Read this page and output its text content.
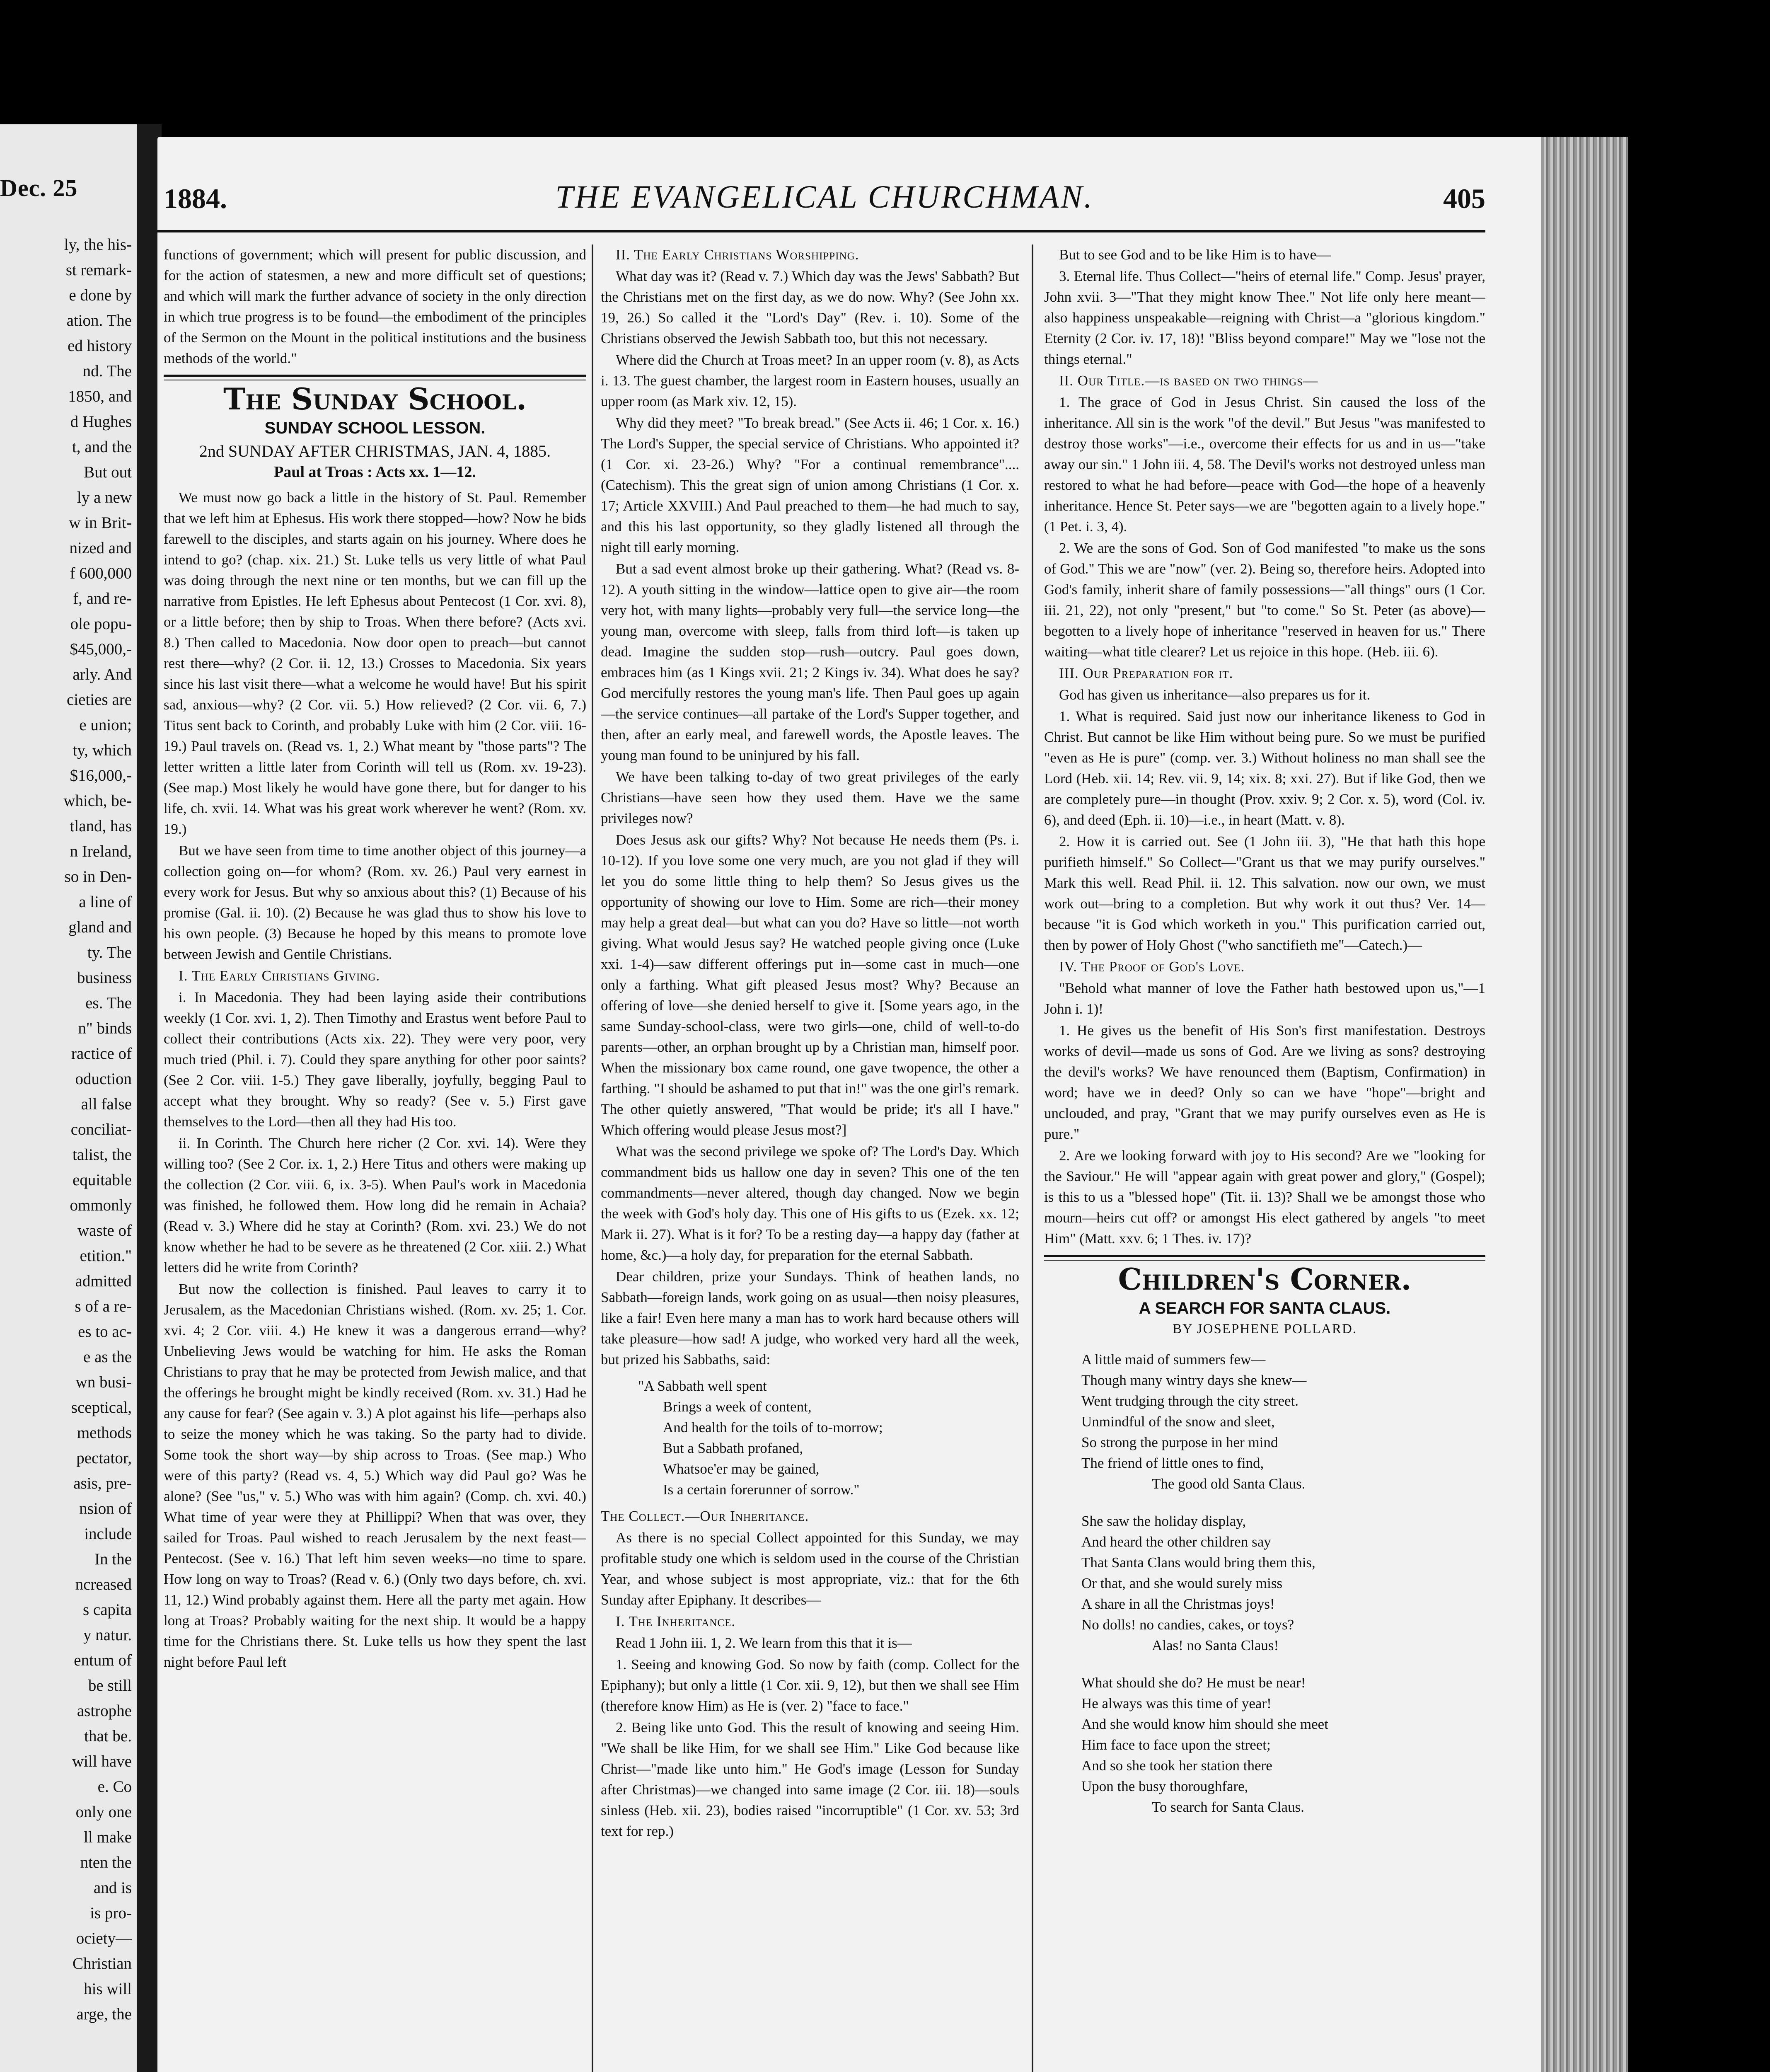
Dec. 25
ly, the his-
st remark-
e done by
ation. The
ed history
nd. The
1850, and
d Hughes
t, and the
But out
ly a new
w in Brit-
nized and
f 600,000
f, and re-
ole popu-
$45,000,-
arly. And
cieties are
e union;
ty, which
$16,000,-
which, be-
tland, has
n Ireland,
so in Den-
a line of
gland and
ty. The
business
es. The
n" binds
ractice of
oduction
all false
conciliat-
talist, the
equitable
ommonly
waste of
etition."
admitted
s of a re-
es to ac-
e as the
wn busi-
sceptical,
methods
pectator,
asis, pre-
nsion of
include
In the
ncreased
s capita
y natur.
entum of
be still
astrophe
that be.
will have
e. Co
only one
ll make
nten the
and is
is pro-
ociety—
Christian
his will
arge, the
1884.	THE EVANGELICAL CHURCHMAN.	405

functions of government; which will present for public discussion, and for the action of statesmen, a new and more difficult set of questions; and which will mark the further advance of society in the only direction in which true progress is to be found—the embodiment of the principles of the Sermon on the Mount in the political institutions and the business methods of the world."

The Sunday School.
SUNDAY SCHOOL LESSON.
2nd SUNDAY AFTER CHRISTMAS, JAN. 4, 1885.
Paul at Troas : Acts xx. 1—12.

We must now go back a little in the history of St. Paul. Remember that we left him at Ephesus. His work there stopped—how? Now he bids farewell to the disciples, and starts again on his journey. Where does he intend to go? (chap. xix. 21.) St. Luke tells us very little of what Paul was doing through the next nine or ten months, but we can fill up the narrative from Epistles. He left Ephesus about Pentecost (1 Cor. xvi. 8), or a little before; then by ship to Troas. When there before? (Acts xvi. 8.) Then called to Macedonia. Now door open to preach—but cannot rest there—why? (2 Cor. ii. 12, 13.) Crosses to Macedonia. Six years since his last visit there—what a welcome he would have! But his spirit sad, anxious—why? (2 Cor. vii. 5.) How relieved? (2 Cor. vii. 6, 7.) Titus sent back to Corinth, and probably Luke with him (2 Cor. viii. 16-19.) Paul travels on. (Read vs. 1, 2.) What meant by "those parts"? The letter written a little later from Corinth will tell us (Rom. xv. 19-23). (See map.) Most likely he would have gone there, but for danger to his life, ch. xvii. 14. What was his great work wherever he went? (Rom. xv. 19.)

But we have seen from time to time another object of this journey—a collection going on—for whom? (Rom. xv. 26.) Paul very earnest in every work for Jesus. But why so anxious about this? (1) Because of his promise (Gal. ii. 10). (2) Because he was glad thus to show his love to his own people. (3) Because he hoped by this means to promote love between Jewish and Gentile Christians.

I. The Early Christians Giving.

i. In Macedonia. They had been laying aside their contributions weekly (1 Cor. xvi. 1, 2). Then Timothy and Erastus went before Paul to collect their contributions (Acts xix. 22). They were very poor, very much tried (Phil. i. 7). Could they spare anything for other poor saints? (See 2 Cor. viii. 1-5.) They gave liberally, joyfully, begging Paul to accept what they brought. Why so ready? (See v. 5.) First gave themselves to the Lord—then all they had His too.

ii. In Corinth. The Church here richer (2 Cor. xvi. 14). Were they willing too? (See 2 Cor. ix. 1, 2.) Here Titus and others were making up the collection (2 Cor. viii. 6, ix. 3-5). When Paul's work in Macedonia was finished, he followed them. How long did he remain in Achaia? (Read v. 3.) Where did he stay at Corinth? (Rom. xvi. 23.) We do not know whether he had to be severe as he threatened (2 Cor. xiii. 2.) What letters did he write from Corinth?

But now the collection is finished. Paul leaves to carry it to Jerusalem, as the Macedonian Christians wished. (Rom. xv. 25; 1. Cor. xvi. 4; 2 Cor. viii. 4.) He knew it was a dangerous errand—why? Unbelieving Jews would be watching for him. He asks the Roman Christians to pray that he may be protected from Jewish malice, and that the offerings he brought might be kindly received (Rom. xv. 31.) Had he any cause for fear? (See again v. 3.) A plot against his life—perhaps also to seize the money which he was taking. So the party had to divide. Some took the short way—by ship across to Troas. (See map.) Who were of this party? (Read vs. 4, 5.) Which way did Paul go? Was he alone? (See "us," v. 5.) Who was with him again? (Comp. ch. xvi. 40.) What time of year were they at Phillippi? When that was over, they sailed for Troas. Paul wished to reach Jerusalem by the next feast—Pentecost. (See v. 16.) That left him seven weeks—no time to spare. How long on way to Troas? (Read v. 6.) (Only two days before, ch. xvi. 11, 12.) Wind probably against them. Here all the party met again. How long at Troas? Probably waiting for the next ship. It would be a happy time for the Christians there. St. Luke tells us how they spent the last night before Paul left

II. The Early Christians Worshipping.

What day was it? (Read v. 7.) Which day was the Jews' Sabbath? But the Christians met on the first day, as we do now. Why? (See John xx. 19, 26.) So called it the "Lord's Day" (Rev. i. 10). Some of the Christians observed the Jewish Sabbath too, but this not necessary.

Where did the Church at Troas meet? In an upper room (v. 8), as Acts i. 13. The guest chamber, the largest room in Eastern houses, usually an upper room (as Mark xiv. 12, 15).

Why did they meet? "To break bread." (See Acts ii. 46; 1 Cor. x. 16.) The Lord's Supper, the special service of Christians. Who appointed it? (1 Cor. xi. 23-26.) Why? "For a continual remembrance".... (Catechism). This the great sign of union among Christians (1 Cor. x. 17; Article XXVIII.) And Paul preached to them—he had much to say, and this his last opportunity, so they gladly listened all through the night till early morning.

But a sad event almost broke up their gathering. What? (Read vs. 8-12). A youth sitting in the window—lattice open to give air—the room very hot, with many lights—probably very full—the service long—the young man, overcome with sleep, falls from third loft—is taken up dead. Imagine the sudden stop—rush—outcry. Paul goes down, embraces him (as 1 Kings xvii. 21; 2 Kings iv. 34). What does he say? God mercifully restores the young man's life. Then Paul goes up again—the service continues—all partake of the Lord's Supper together, and then, after an early meal, and farewell words, the Apostle leaves. The young man found to be uninjured by his fall.

We have been talking to-day of two great privileges of the early Christians—have seen how they used them. Have we the same privileges now?

Does Jesus ask our gifts? Why? Not because He needs them (Ps. i. 10-12). If you love some one very much, are you not glad if they will let you do some little thing to help them? So Jesus gives us the opportunity of showing our love to Him. Some are rich—their money may help a great deal—but what can you do? Have so little—not worth giving. What would Jesus say? He watched people giving once (Luke xxi. 1-4)—saw different offerings put in—some cast in much—one only a farthing. What gift pleased Jesus most? Why? Because an offering of love—she denied herself to give it. [Some years ago, in the same Sunday-school-class, were two girls—one, child of well-to-do parents—other, an orphan brought up by a Christian man, himself poor. When the missionary box came round, one gave twopence, the other a farthing. "I should be ashamed to put that in!" was the one girl's remark. The other quietly answered, "That would be pride; it's all I have." Which offering would please Jesus most?]

What was the second privilege we spoke of? The Lord's Day. Which commandment bids us hallow one day in seven? This one of the ten commandments—never altered, though day changed. Now we begin the week with God's holy day. This one of His gifts to us (Ezek. xx. 12; Mark ii. 27). What is it for? To be a resting day—a happy day (father at home, &c.)—a holy day, for preparation for the eternal Sabbath.

Dear children, prize your Sundays. Think of heathen lands, no Sabbath—foreign lands, work going on as usual—then noisy pleasures, like a fair! Even here many a man has to work hard because others will take pleasure—how sad! A judge, who worked very hard all the week, but prized his Sabbaths, said:

"A Sabbath well spent
Brings a week of content,
And health for the toils of to-morrow;
But a Sabbath profaned,
Whatsoe'er may be gained,
Is a certain forerunner of sorrow."

The Collect.—Our Inheritance.

As there is no special Collect appointed for this Sunday, we may profitable study one which is seldom used in the course of the Christian Year, and whose subject is most appropriate, viz.: that for the 6th Sunday after Epiphany. It describes—

I. The Inheritance.

Read 1 John iii. 1, 2. We learn from this that it is—

1. Seeing and knowing God. So now by faith (comp. Collect for the Epiphany); but only a little (1 Cor. xii. 9, 12), but then we shall see Him (therefore know Him) as He is (ver. 2) "face to face."

2. Being like unto God. This the result of knowing and seeing Him. "We shall be like Him, for we shall see Him." Like God because like Christ—"made like unto him." He God's image (Lesson for Sunday after Christmas)—we changed into same image (2 Cor. iii. 18)—souls sinless (Heb. xii. 23), bodies raised "incorruptible" (1 Cor. xv. 53; 3rd text for rep.)

But to see God and to be like Him is to have—

3. Eternal life. Thus Collect—"heirs of eternal life." Comp. Jesus' prayer, John xvii. 3—"That they might know Thee." Not life only here meant—also happiness unspeakable—reigning with Christ—a "glorious kingdom." Eternity (2 Cor. iv. 17, 18)! "Bliss beyond compare!" May we "lose not the things eternal."

II. Our Title.—is based on two things—

1. The grace of God in Jesus Christ. Sin caused the loss of the inheritance. All sin is the work "of the devil." But Jesus "was manifested to destroy those works"—i.e., overcome their effects for us and in us—"take away our sin." 1 John iii. 4, 58. The Devil's works not destroyed unless man restored to what he had before—peace with God—the hope of a heavenly inheritance. Hence St. Peter says—we are "begotten again to a lively hope." (1 Pet. i. 3, 4).

2. We are the sons of God. Son of God manifested "to make us the sons of God." This we are "now" (ver. 2). Being so, therefore heirs. Adopted into God's family, inherit share of family possessions—"all things" ours (1 Cor. iii. 21, 22), not only "present," but "to come." So St. Peter (as above)—begotten to a lively hope of inheritance "reserved in heaven for us." There waiting—what title clearer? Let us rejoice in this hope. (Heb. iii. 6).

III. Our Preparation for it.

God has given us inheritance—also prepares us for it.

1. What is required. Said just now our inheritance likeness to God in Christ. But cannot be like Him without being pure. So we must be purified "even as He is pure" (comp. ver. 3.) Without holiness no man shall see the Lord (Heb. xii. 14; Rev. vii. 9, 14; xix. 8; xxi. 27). But if like God, then we are completely pure—in thought (Prov. xxiv. 9; 2 Cor. x. 5), word (Col. iv. 6), and deed (Eph. ii. 10)—i.e., in heart (Matt. v. 8).

2. How it is carried out. See (1 John iii. 3), "He that hath this hope purifieth himself." So Collect—"Grant us that we may purify ourselves." Mark this well. Read Phil. ii. 12. This salvation. now our own, we must work out—bring to a completion. But why work it out thus? Ver. 14—because "it is God which worketh in you." This purification carried out, then by power of Holy Ghost ("who sanctifieth me"—Catech.)—

IV. The Proof of God's Love.

"Behold what manner of love the Father hath bestowed upon us,"—1 John i. 1)!

1. He gives us the benefit of His Son's first manifestation. Destroys works of devil—made us sons of God. Are we living as sons? destroying the devil's works? We have renounced them (Baptism, Confirmation) in word; have we in deed? Only so can we have "hope"—bright and unclouded, and pray, "Grant that we may purify ourselves even as He is pure."

2. Are we looking forward with joy to His second? Are we "looking for the Saviour." He will "appear again with great power and glory," (Gospel); is this to us a "blessed hope" (Tit. ii. 13)? Shall we be amongst those who mourn—heirs cut off? or amongst His elect gathered by angels "to meet Him" (Matt. xxv. 6; 1 Thes. iv. 17)?

Children's Corner.
A SEARCH FOR SANTA CLAUS.
BY JOSEPHENE POLLARD.
A little maid of summers few—
Though many wintry days she knew—
Went trudging through the city street.
Unmindful of the snow and sleet,
So strong the purpose in her mind
The friend of little ones to find,
The good old Santa Claus.
She saw the holiday display,
And heard the other children say
That Santa Clans would bring them this,
Or that, and she would surely miss
A share in all the Christmas joys!
No dolls! no candies, cakes, or toys?
Alas! no Santa Claus!
What should she do? He must be near!
He always was this time of year!
And she would know him should she meet
Him face to face upon the street;
And so she took her station there
Upon the busy thoroughfare,
To search for Santa Claus.
